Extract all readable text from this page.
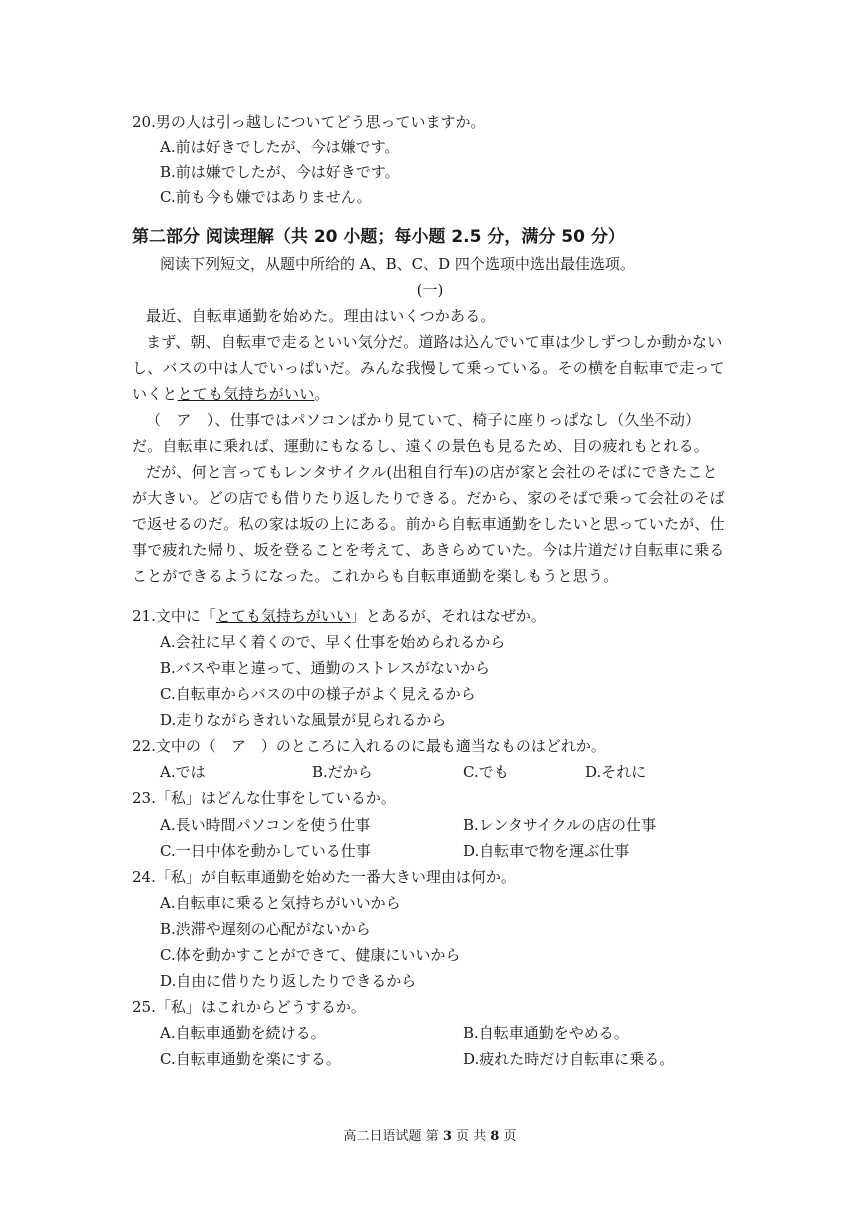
20.男の人は引っ越しについてどう思っていますか。
A.前は好きでしたが、今は嫌です。
B.前は嫌でしたが、今は好きです。
C.前も今も嫌ではありません。
第二部分 阅读理解（共 20 小题；每小题 2.5 分，满分 50 分）
阅读下列短文，从题中所给的 A、B、C、D 四个选项中选出最佳选项。
(一)
最近、自転車通勤を始めた。理由はいくつかある。
まず、朝、自転車で走るといい気分だ。道路は込んでいて車は少しずつしか動かないし、バスの中は人でいっぱいだ。みんな我慢して乗っている。その横を自転車で走っていくととても気持ちがいい。
（　ア　）、仕事ではパソコンばかり見ていて、椅子に座りっぱなし（久坐不动）だ。自転車に乗れば、運動にもなるし、遠くの景色も見るため、目の疲れもとれる。
だが、何と言ってもレンタサイクル(出租自行车)の店が家と会社のそばにできたことが大きい。どの店でも借りたり返したりできる。だから、家のそばで乗って会社のそばで返せるのだ。私の家は坂の上にある。前から自転車通勤をしたいと思っていたが、仕事で疲れた帰り、坂を登ることを考えて、あきらめていた。今は片道だけ自転車に乗ることができるようになった。これからも自転車通勤を楽しもうと思う。
21.文中に「とても気持ちがいい」とあるが、それはなぜか。
A.会社に早く着くので、早く仕事を始められるから
B.バスや車と違って、通勤のストレスがないから
C.自転車からバスの中の様子がよく見えるから
D.走りながらきれいな風景が見られるから
22.文中の（　ア　）のところに入れるのに最も適当なものはどれか。
A.では	B.だから	C.でも	D.それに
23.「私」はどんな仕事をしているか。
A.長い時間パソコンを使う仕事	B.レンタサイクルの店の仕事
C.一日中体を動かしている仕事	D.自転車で物を運ぶ仕事
24.「私」が自転車通勤を始めた一番大きい理由は何か。
A.自転車に乗ると気持ちがいいから
B.渋滞や遅刻の心配がないから
C.体を動かすことができて、健康にいいから
D.自由に借りたり返したりできるから
25.「私」はこれからどうするか。
A.自転車通勤を続ける。	B.自転車通勤をやめる。
C.自転車通勤を楽にする。	D.疲れた時だけ自転車に乗る。
高二日语试题 第 3 页 共 8 页
